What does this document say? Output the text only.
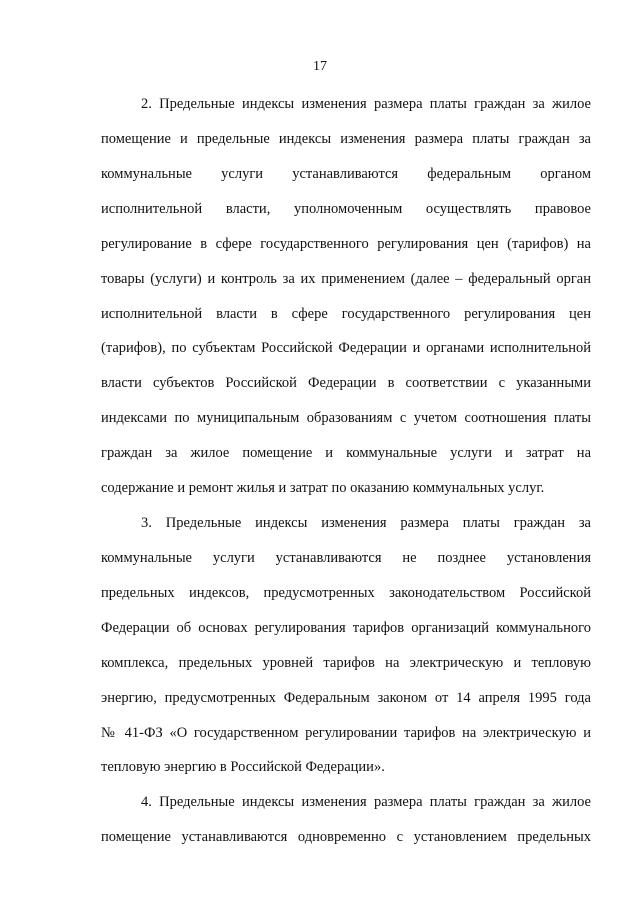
17
2. Предельные индексы изменения размера платы граждан за жилое
помещение и предельные индексы изменения размера платы граждан за
коммунальные услуги устанавливаются федеральным органом
исполнительной власти, уполномоченным осуществлять правовое
регулирование в сфере государственного регулирования цен (тарифов) на
товары (услуги) и контроль за их применением (далее – федеральный орган
исполнительной власти в сфере государственного регулирования цен
(тарифов), по субъектам Российской Федерации и органами исполнительной
власти субъектов Российской Федерации в соответствии с указанными
индексами по муниципальным образованиям с учетом соотношения платы
граждан за жилое помещение и коммунальные услуги и затрат на
содержание и ремонт жилья и затрат по оказанию коммунальных услуг.
3. Предельные индексы изменения размера платы граждан за
коммунальные услуги устанавливаются не позднее установления
предельных индексов, предусмотренных законодательством Российской
Федерации об основах регулирования тарифов организаций коммунального
комплекса, предельных уровней тарифов на электрическую и тепловую
энергию, предусмотренных Федеральным законом от 14 апреля 1995 года
№ 41-ФЗ «О государственном регулировании тарифов на электрическую и
тепловую энергию в Российской Федерации».
4. Предельные индексы изменения размера платы граждан за жилое
помещение устанавливаются одновременно с установлением предельных
